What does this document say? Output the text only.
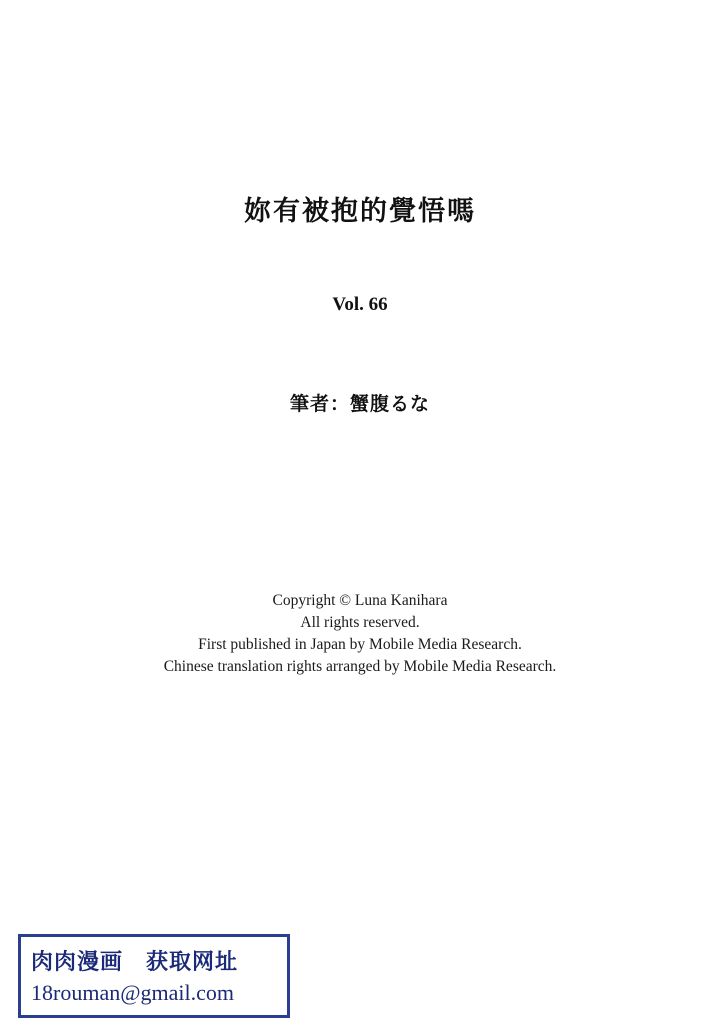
妳有被抱的覺悟嗎
Vol. 66
筆者：蟹腹るな
Copyright © Luna Kanihara
All rights reserved.
First published in Japan by Mobile Media Research.
Chinese translation rights arranged by Mobile Media Research.
肉肉漫画　获取网址
18rouman@gmail.com
